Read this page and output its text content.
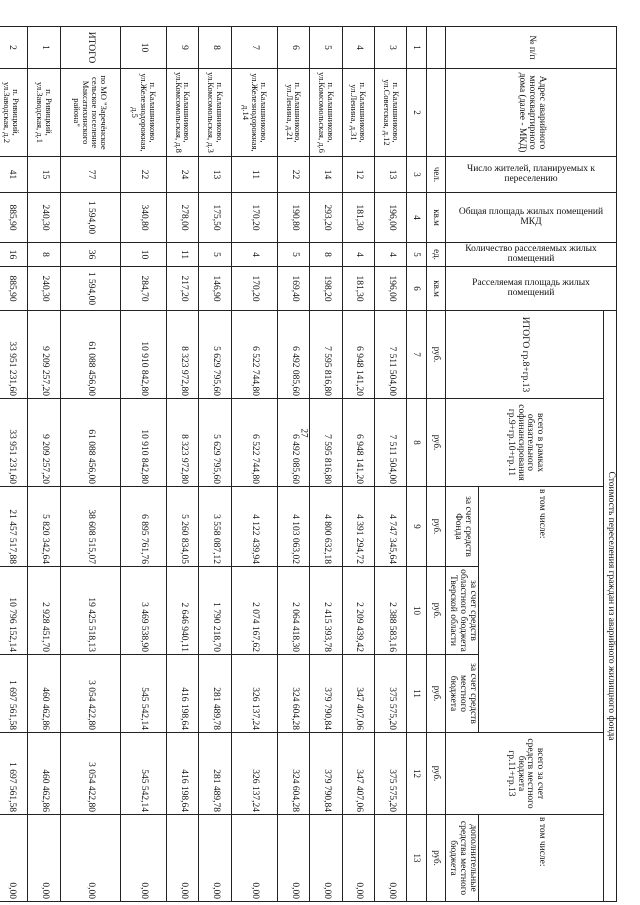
27
№ п/п	Адрес аварийного многоквартирного дома (далее - МКД)	Число жителей, планируемых к переселению	Общая площадь жилых помещений МКД	Количество расселяемых жилых помещений	Расселяемая площадь жилых помещений	Стоимость переселения граждан из аварийного жилищного фонда						
						ИТОГО гр.8+гр.13	всего в рамках обязательного софинансирования гр.9+гр.10+гр.11	в том числе:			всего за счет средств местного бюджета гр.11+гр.13	в том числе:
								за счет средств Фонда	за счет средств областного бюджета Тверской области	за счет средств местного бюджета		дополнительные средства местного бюджета
		чел.	кв.м	ед.	кв.м	руб.	руб.	руб.	руб.	руб.	руб.	руб.
1	2	3	4	5	6	7	8	9	10	11	12	13
3	п. Калашниково, ул.Советская, д.12	13	196,00	4	196,00	7 511 504,00	7 511 504,00	4 747 345,64	2 388 583,16	375 575,20	375 575,20	0,00
4	п. Калашниково, ул.Ленина, д.31	12	181,30	4	181,30	6 948 141,20	6 948 141,20	4 391 294,72	2 209 439,42	347 407,06	347 407,06	0,00
5	п. Калашниково, ул.Комсомольская, д.6	14	293,20	8	198,20	7 595 816,80	7 595 816,80	4 800 632,18	2 415 393,78	379 790,84	379 790,84	0,00
6	п. Калашниково, ул.Ленина, д.21	22	190,80	5	169,40	6 492 085,60	6 492 085,60	4 103 063,02	2 064 418,30	324 604,28	324 604,28	0,00
7	п. Калашниково, ул.Железнодорожная, д.14	11	170,20	4	170,20	6 522 744,80	6 522 744,80	4 122 439,94	2 074 167,62	326 137,24	326 137,24	0,00
8	п. Калашниково, ул.Комсомольская, д.3	13	175,50	5	146,90	5 629 795,60	5 629 795,60	3 558 087,12	1 790 218,70	281 489,78	281 489,78	0,00
9	п. Калашниково, ул.Комсомольская, д.8	24	278,00	11	217,20	8 323 972,80	8 323 972,80	5 260 834,05	2 646 940,11	416 198,64	416 198,64	0,00
10	п. Калашниково, ул.Железнодорожная, д.5	22	340,80	10	284,70	10 910 842,80	10 910 842,80	6 895 761,76	3 469 538,90	545 542,14	545 542,14	0,00
ИТОГО	по МО "Заречёнское сельское поселение Максатихинского района"	77	1 594,00	36	1 594,00	61 088 456,00	61 088 456,00	38 608 515,07	19 425 518,13	3 054 422,80	3 054 422,80	0,00
1	п. Ривицкий, ул.Заводская, д.1	15	240,30	8	240,30	9 209 257,20	9 209 257,20	5 820 342,64	2 928 451,70	460 462,86	460 462,86	0,00
2	п. Ривицкий, ул.Заводская, д.2	41	885,90	16	885,90	33 951 231,60	33 951 231,60	21 457 517,88	10 796 152,14	1 697 561,58	1 697 561,58	0,00
